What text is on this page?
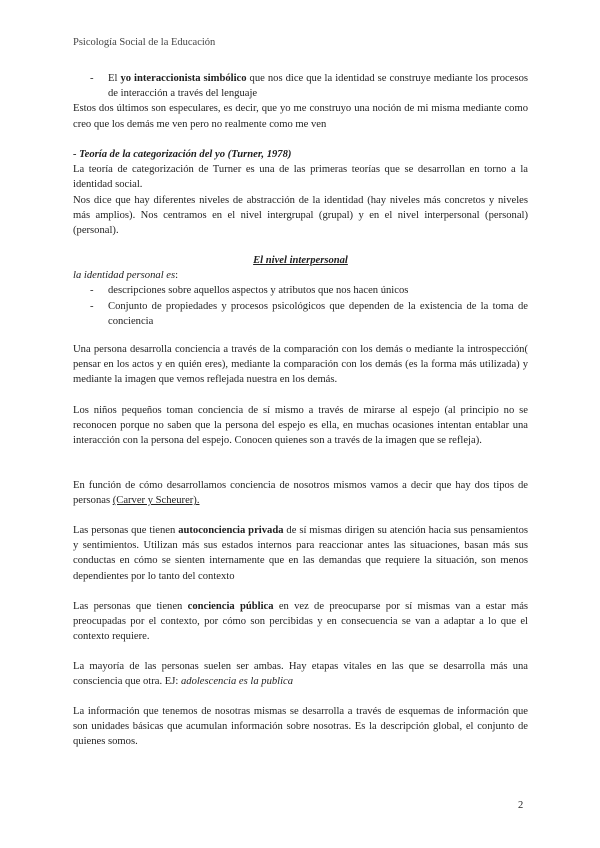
Psicología Social de la Educación
- El yo interaccionista simbólico que nos dice que la identidad se construye mediante los procesos de interacción a través del lenguaje
Estos dos últimos son especulares, es decir, que yo me construyo una noción de mi misma mediante como creo que los demás me ven pero no realmente como me ven
- Teoría de la categorización del yo (Turner, 1978)
La teoría de categorización de Turner es una de las primeras teorías que se desarrollan en torno a la identidad social.
Nos dice que hay diferentes niveles de abstracción de la identidad (hay niveles más concretos y niveles más amplios). Nos centramos en el nivel intergrupal (grupal) y en el nivel interpersonal (personal) (personal).
El nivel interpersonal
la identidad personal es:
- descripciones sobre aquellos aspectos y atributos que nos hacen únicos
- Conjunto de propiedades y procesos psicológicos que dependen de la existencia de la toma de conciencia
Una persona desarrolla conciencia a través de la comparación con los demás o mediante la introspección( pensar en los actos y en quién eres), mediante la comparación con los demás (es la forma más utilizada) y mediante la imagen que vemos reflejada nuestra en los demás.
Los niños pequeños toman conciencia de sí mismo a través de mirarse al espejo (al principio no se reconocen porque no saben que la persona del espejo es ella, en muchas ocasiones intentan entablar una interacción con la persona del espejo. Conocen quienes son a través de la imagen que se refleja).
En función de cómo desarrollamos conciencia de nosotros mismos vamos a decir que hay dos tipos de personas (Carver y Scheurer).
Las personas que tienen autoconciencia privada de sí mismas dirigen su atención hacia sus pensamientos y sentimientos. Utilizan más sus estados internos para reaccionar antes las situaciones, basan más sus conductas en cómo se sienten internamente que en las demandas que requiere la situación, son menos dependientes por lo tanto del contexto
Las personas que tienen conciencia pública en vez de preocuparse por sí mismas van a estar más preocupadas por el contexto, por cómo son percibidas y en consecuencia se van a adaptar a lo que el contexto requiere.
La mayoría de las personas suelen ser ambas. Hay etapas vitales en las que se desarrolla más una consciencia que otra. EJ: adolescencia es la publica
La información que tenemos de nosotras mismas se desarrolla a través de esquemas de información que son unidades básicas que acumulan información sobre nosotras. Es la descripción global, el conjunto de quienes somos.
2
